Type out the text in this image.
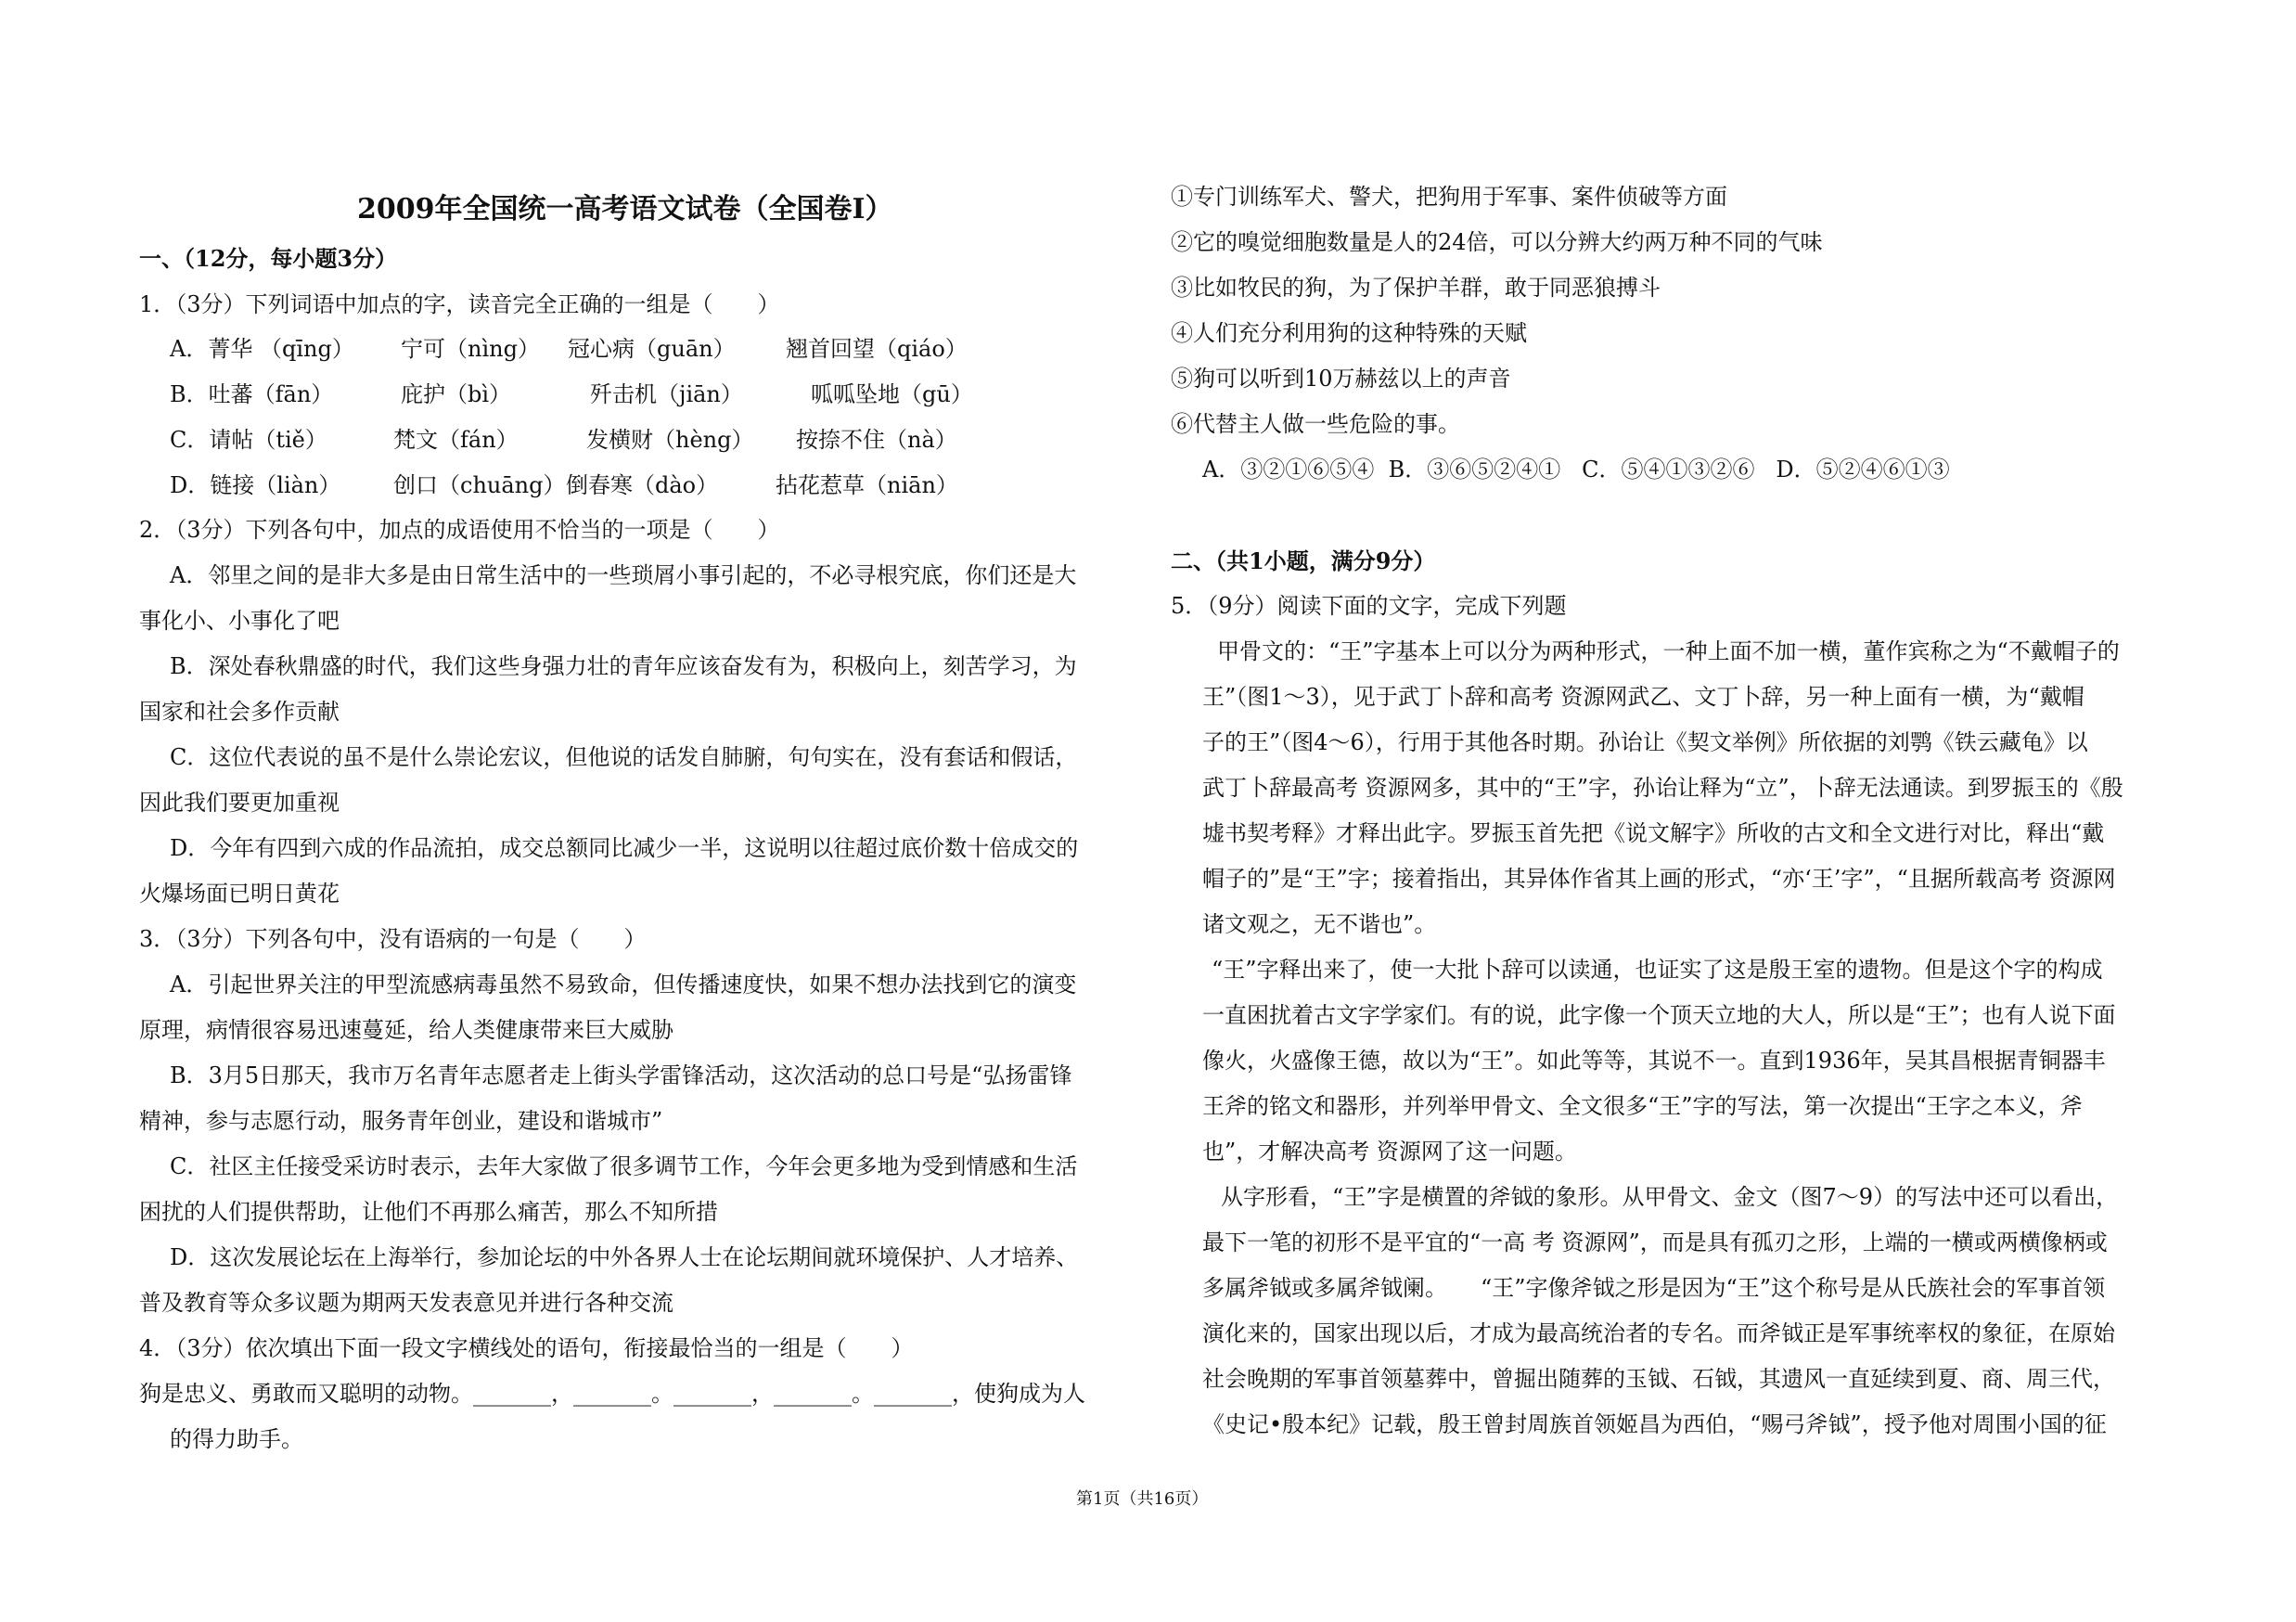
2009年全国统一高考语文试卷（全国卷Ⅰ）
一、（12分，每小题3分）
1．（3分）下列词语中加点的字，读音完全正确的一组是（　　）
A．菁华 （qīng） 宁可（nìng） 冠心病（guān） 翘首回望（qiáo）
B．吐蕃（fān）	庇护（bì）	歼击机（jiān）	呱呱坠地（gū）
C．请帖（tiě）	梵文（fán）	发横财（hèng） 按捺不住（nà）
D．链接（liàn） 创口（chuāng） 倒春寒（dào）	拈花惹草（niān）
2．（3分）下列各句中，加点的成语使用不恰当的一项是（　　）
A．邻里之间的是非大多是由日常生活中的一些琐屑小事引起的，不必寻根究底，你们还是大
事化小、小事化了吧
B．深处春秋鼎盛的时代，我们这些身强力壮的青年应该奋发有为，积极向上，刻苦学习，为
国家和社会多作贡献
C．这位代表说的虽不是什么崇论宏议，但他说的话发自肺腑，句句实在，没有套话和假话，
因此我们要更加重视
D．今年有四到六成的作品流拍，成交总额同比减少一半，这说明以往超过底价数十倍成交的
火爆场面已明日黄花
3．（3分）下列各句中，没有语病的一句是（　　）
A．引起世界关注的甲型流感病毒虽然不易致命，但传播速度快，如果不想办法找到它的演变
原理，病情很容易迅速蔓延，给人类健康带来巨大威胁
B．3月5日那天，我市万名青年志愿者走上街头学雷锋活动，这次活动的总口号是“弘扬雷锋
精神，参与志愿行动，服务青年创业，建设和谐城市”
C．社区主任接受采访时表示，去年大家做了很多调节工作，今年会更多地为受到情感和生活
困扰的人们提供帮助，让他们不再那么痛苦，那么不知所措
D．这次发展论坛在上海举行，参加论坛的中外各界人士在论坛期间就环境保护、人才培养、
普及教育等众多议题为期两天发表意见并进行各种交流
4．（3分）依次填出下面一段文字横线处的语句，衔接最恰当的一组是（　　）
狗是忠义、勇敢而又聪明的动物。_______，_______。_______，_______。_______，使狗成为人
的得力助手。
①专门训练军犬、警犬，把狗用于军事、案件侦破等方面
②它的嗅觉细胞数量是人的24倍，可以分辨大约两万种不同的气味
③比如牧民的狗，为了保护羊群，敢于同恶狼搏斗
④人们充分利用狗的这种特殊的天赋
⑤狗可以听到10万赫兹以上的声音
⑥代替主人做一些危险的事。
A．③②①⑥⑤④  B．③⑥⑤②④①   C．⑤④①③②⑥   D．⑤②④⑥①③
二、（共1小题，满分9分）
5．（9分）阅读下面的文字，完成下列题
甲骨文的：“王”字基本上可以分为两种形式，一种上面不加一横，董作宾称之为“不戴帽子的
王”（图1～3），见于武丁卜辞和高考 资源网武乙、文丁卜辞，另一种上面有一横，为“戴帽
子的王”（图4～6），行用于其他各时期。孙诒让《契文举例》所依据的刘鹗《铁云藏龟》以
武丁卜辞最高考 资源网多，其中的“王”字，孙诒让释为“立”，卜辞无法通读。到罗振玉的《殷
墟书契考释》才释出此字。罗振玉首先把《说文解字》所收的古文和全文进行对比，释出“戴
帽子的”是“王”字；接着指出，其异体作省其上画的形式，“亦‘王’字”，“且据所载高考 资源网
诸文观之，无不谐也”。
“王”字释出来了，使一大批卜辞可以读通，也证实了这是殷王室的遗物。但是这个字的构成
一直困扰着古文字学家们。有的说，此字像一个顶天立地的大人，所以是“王”；也有人说下面
像火，火盛像王德，故以为“王”。如此等等，其说不一。直到1936年，吴其昌根据青铜器丰
王斧的铭文和器形，并列举甲骨文、全文很多“王”字的写法，第一次提出“王字之本义，斧
也”，才解决高考 资源网了这一问题。
从字形看，“王”字是横置的斧钺的象形。从甲骨文、金文（图7～9）的写法中还可以看出，
最下一笔的初形不是平宜的“一高 考 资源网”，而是具有孤刃之形，上端的一横或两横像柄或
多属斧钺或多属斧钺阑。　　“王”字像斧钺之形是因为“王”这个称号是从氏族社会的军事首领
演化来的，国家出现以后，才成为最高统治者的专名。而斧钺正是军事统率权的象征，在原始
社会晚期的军事首领墓葬中，曾掘出随葬的玉钺、石钺，其遗风一直延续到夏、商、周三代，
《史记•殷本纪》记载，殷王曾封周族首领姬昌为西伯，“赐弓斧钺”，授予他对周围小国的征
第1页（共16页）
